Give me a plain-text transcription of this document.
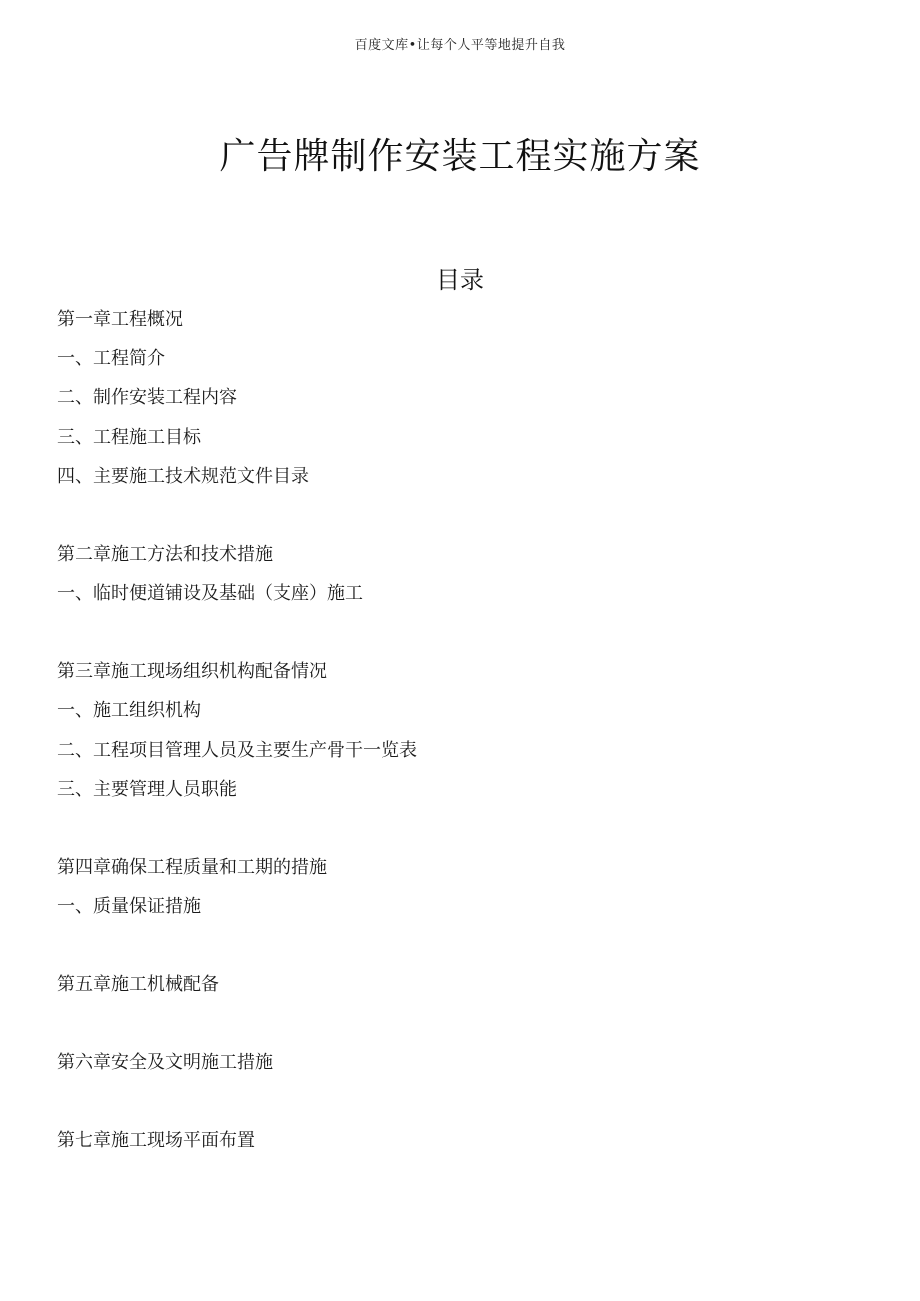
百度文库•让每个人平等地提升自我
广告牌制作安装工程实施方案
目录
第一章工程概况
一、工程简介
二、制作安装工程内容
三、工程施工目标
四、主要施工技术规范文件目录
第二章施工方法和技术措施
一、临时便道铺设及基础（支座）施工
第三章施工现场组织机构配备情况
一、施工组织机构
二、工程项目管理人员及主要生产骨干一览表
三、主要管理人员职能
第四章确保工程质量和工期的措施
一、质量保证措施
第五章施工机械配备
第六章安全及文明施工措施
第七章施工现场平面布置
